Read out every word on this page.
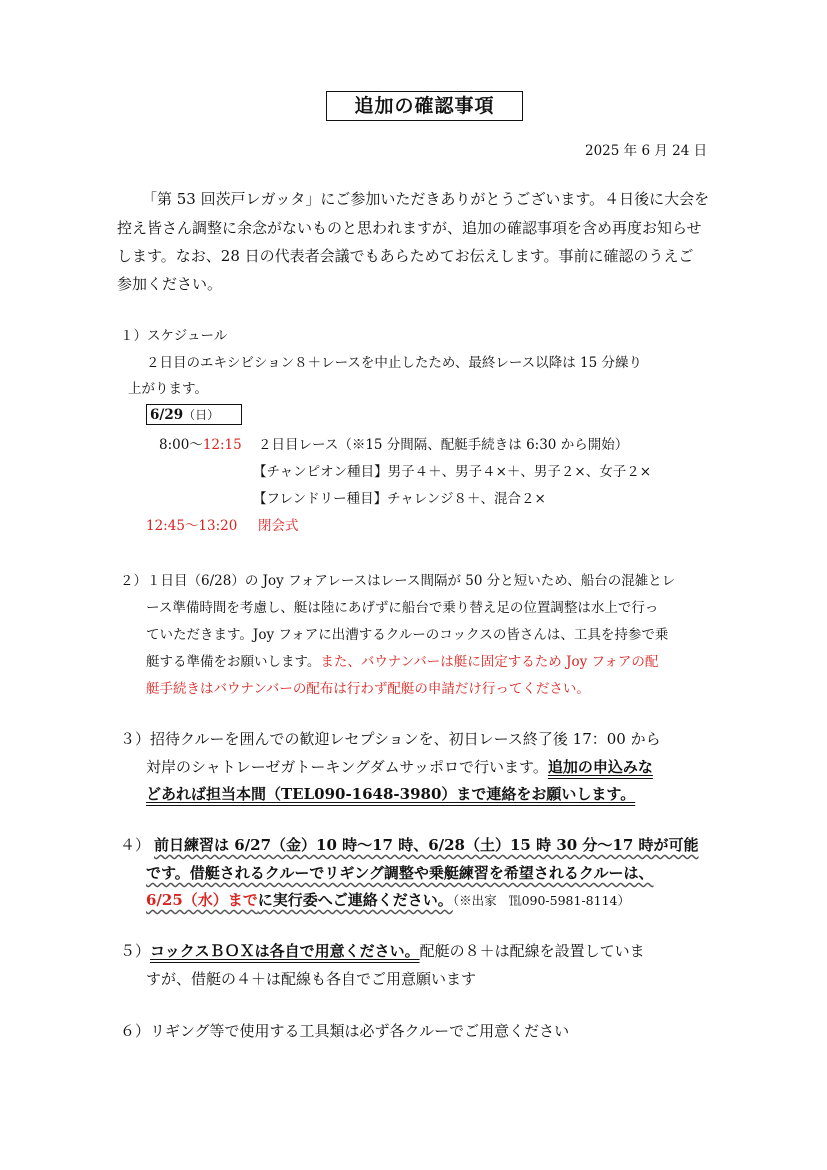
追加の確認事項
2025 年 6 月 24 日
「第 53 回茨戸レガッタ」にご参加いただきありがとうございます。４日後に大会を
控え皆さん調整に余念がないものと思われますが、追加の確認事項を含め再度お知らせ
します。なお、28 日の代表者会議でもあらためてお伝えします。事前に確認のうえご
参加ください。
１）スケジュール
２日目のエキシビション８＋レースを中止したため、最終レース以降は 15 分繰り
上がります。
6/29（日）
8:00～12:15 ２日目レース（※15 分間隔、配艇手続きは 6:30 から開始）
【チャンピオン種目】男子４＋、男子４×＋、男子２×、女子２×
【フレンドリー種目】チャレンジ８＋、混合２×
12:45～13:20 閉会式
２）１日目（6/28）の Joy フォアレースはレース間隔が 50 分と短いため、船台の混雑とレ
ース準備時間を考慮し、艇は陸にあげずに船台で乗り替え足の位置調整は水上で行っ
ていただきます。Joy フォアに出漕するクルーのコックスの皆さんは、工具を持参で乗
艇する準備をお願いします。また、バウナンバーは艇に固定するため Joy フォアの配
艇手続きはバウナンバーの配布は行わず配艇の申請だけ行ってください。
３）招待クルーを囲んでの歓迎レセプションを、初日レース終了後 17：00 から
対岸のシャトレーゼガトーキングダムサッポロで行います。追加の申込みな
どあれば担当本間（TEL090-1648-3980）まで連絡をお願いします。
４） 前日練習は 6/27（金）10 時～17 時、6/28（土）15 時 30 分～17 時が可能
です。借艇されるクルーでリギング調整や乗艇練習を希望されるクルーは、
6/25（水）までに実行委へご連絡ください。（※出家　℡090-5981-8114）
５）コックスＢＯＸは各自で用意ください。配艇の８＋は配線を設置していま
すが、借艇の４＋は配線も各自でご用意願います
６）リギング等で使用する工具類は必ず各クルーでご用意ください
